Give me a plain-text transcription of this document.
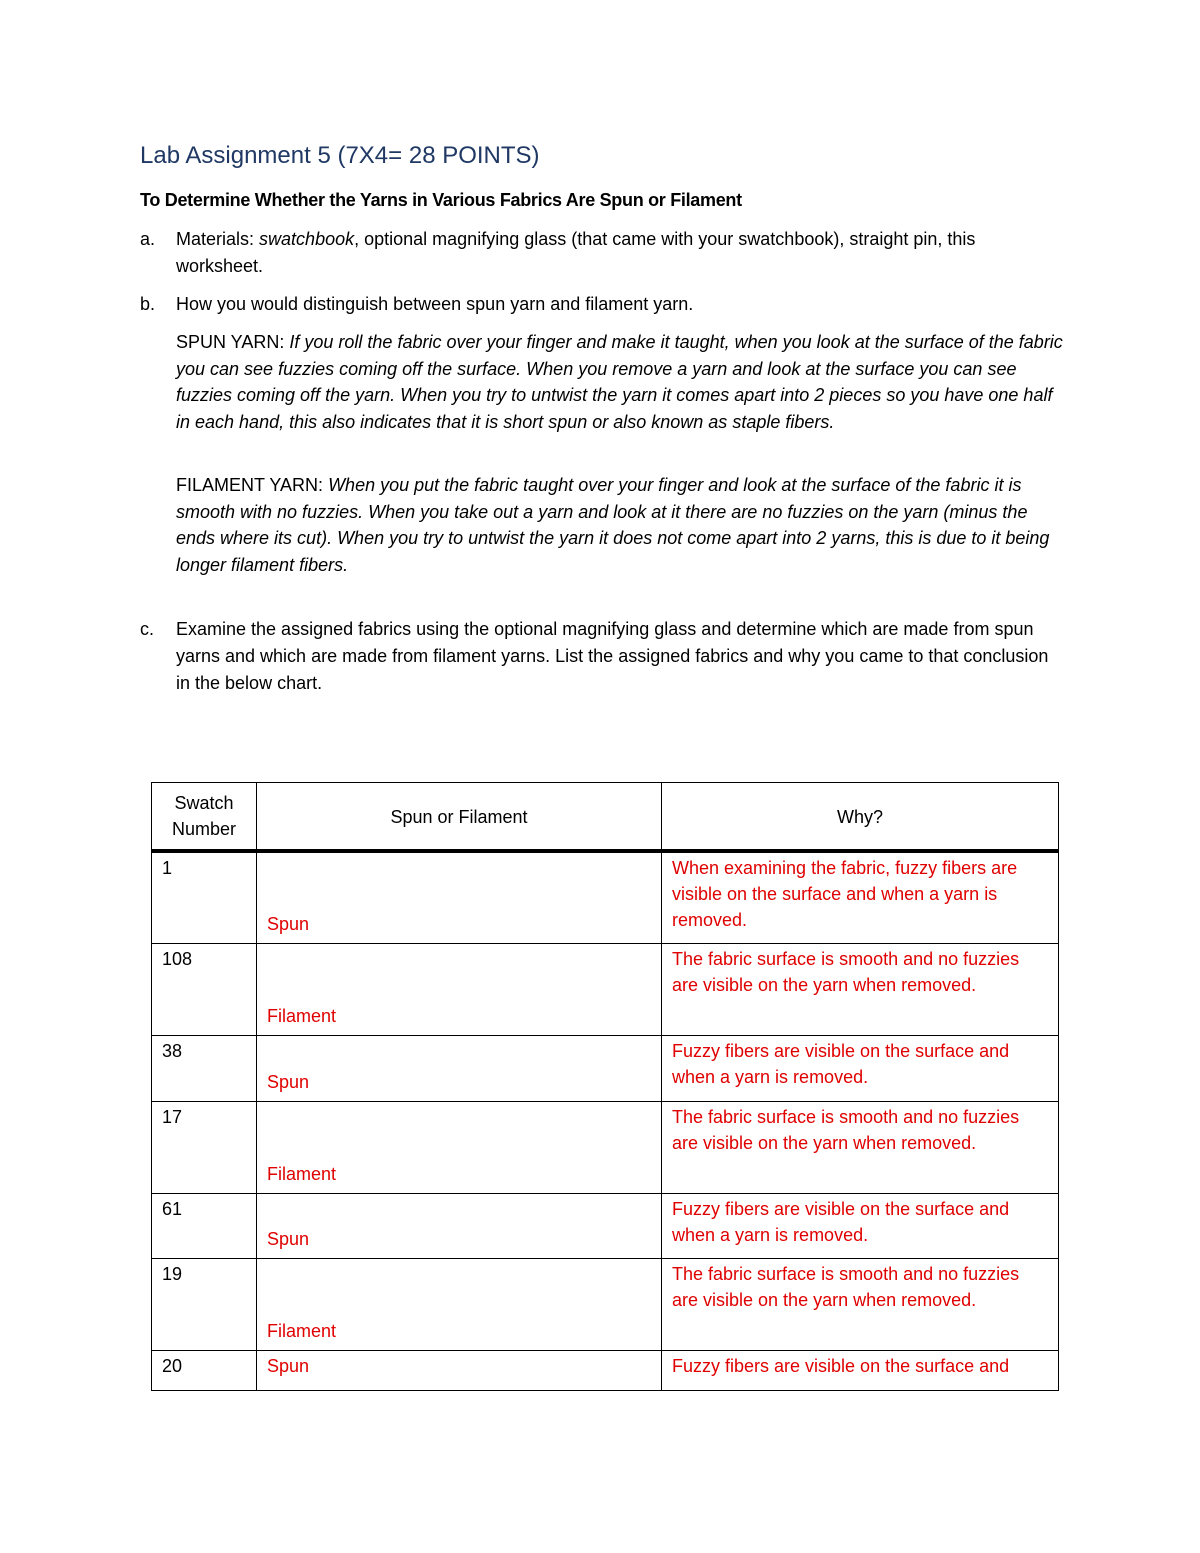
Lab Assignment 5 (7X4= 28 POINTS)
To Determine Whether the Yarns in Various Fabrics Are Spun or Filament
a.	Materials: swatchbook, optional magnifying glass (that came with your swatchbook), straight pin, this worksheet.
b.	How you would distinguish between spun yarn and filament yarn.
SPUN YARN: If you roll the fabric over your finger and make it taught, when you look at the surface of the fabric you can see fuzzies coming off the surface. When you remove a yarn and look at the surface you can see fuzzies coming off the yarn. When you try to untwist the yarn it comes apart into 2 pieces so you have one half in each hand, this also indicates that it is short spun or also known as staple fibers.
FILAMENT YARN: When you put the fabric taught over your finger and look at the surface of the fabric it is smooth with no fuzzies. When you take out a yarn and look at it there are no fuzzies on the yarn (minus the ends where its cut). When you try to untwist the yarn it does not come apart into 2 yarns, this is due to it being longer filament fibers.
c.	Examine the assigned fabrics using the optional magnifying glass and determine which are made from spun yarns and which are made from filament yarns. List the assigned fabrics and why you came to that conclusion in the below chart.
Swatch Number	Spun or Filament	Why?
1	Spun	When examining the fabric, fuzzy fibers are visible on the surface and when a yarn is removed.
108	Filament	The fabric surface is smooth and no fuzzies are visible on the yarn when removed.
38	Spun	Fuzzy fibers are visible on the surface and when a yarn is removed.
17	Filament	The fabric surface is smooth and no fuzzies are visible on the yarn when removed.
61	Spun	Fuzzy fibers are visible on the surface and when a yarn is removed.
19	Filament	The fabric surface is smooth and no fuzzies are visible on the yarn when removed.
20	Spun	Fuzzy fibers are visible on the surface and
